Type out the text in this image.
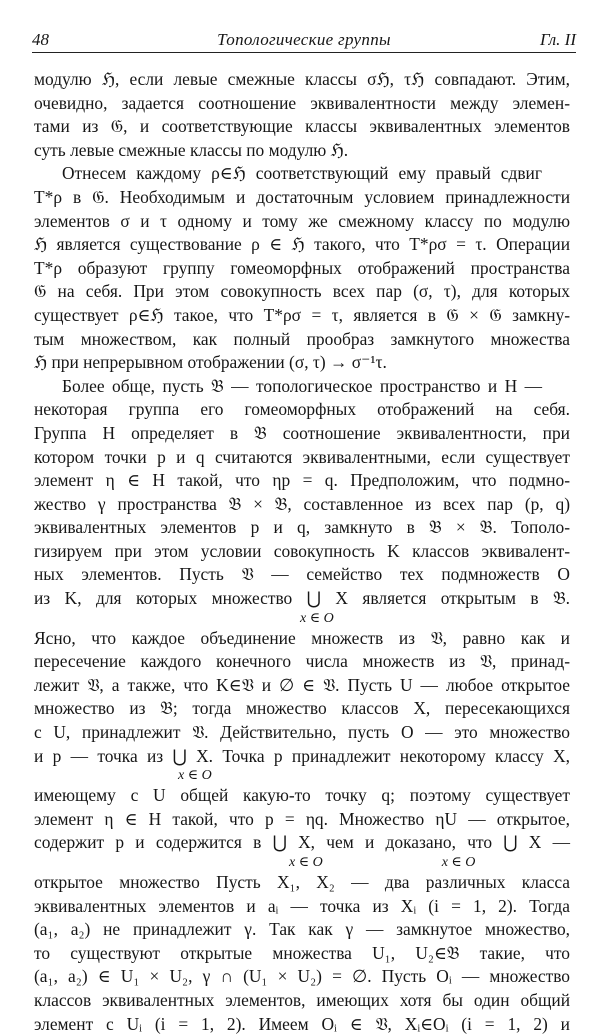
48	Топологические группы	Гл. II
модулю ℌ, если левые смежные классы σℌ, τℌ совпадают. Этим,
очевидно, задается соотношение эквивалентности между элемен-
тами из 𝔊, и соответствующие классы эквивалентных элементов
суть левые смежные классы по модулю ℌ.
Отнесем каждому ρ∈ℌ соответствующий ему правый сдвиг
T*ρ в 𝔊. Необходимым и достаточным условием принадлежности
элементов σ и τ одному и тому же смежному классу по модулю
ℌ является существование ρ ∈ ℌ такого, что T*ρσ = τ. Операции
T*ρ образуют группу гомеоморфных отображений пространства
𝔊 на себя. При этом совокупность всех пар (σ, τ), для которых
существует ρ∈ℌ такое, что T*ρσ = τ, является в 𝔊 × 𝔊 замкну-
тым множеством, как полный прообраз замкнутого множества
ℌ при непрерывном отображении (σ, τ) → σ⁻¹τ.
Более обще, пусть 𝔅 — топологическое пространство и H —
некоторая группа его гомеоморфных отображений на себя.
Группа H определяет в 𝔅 соотношение эквивалентности, при
котором точки p и q считаются эквивалентными, если существует
элемент η ∈ H такой, что ηp = q. Предположим, что подмно-
жество γ пространства 𝔅 × 𝔅, составленное из всех пар (p, q)
эквивалентных элементов p и q, замкнуто в 𝔅 × 𝔅. Тополо-
гизируем при этом условии совокупность K классов эквивалент-
ных элементов. Пусть 𝔙 — семейство тех подмножеств O
из K, для которых множество ⋃ X является открытым в 𝔅.
x ∈ O
Ясно, что каждое объединение множеств из 𝔙, равно как и
пересечение каждого конечного числа множеств из 𝔙, принад-
лежит 𝔙, а также, что K∈𝔙 и ∅ ∈ 𝔙. Пусть U — любое открытое
множество из 𝔅; тогда множество классов X, пересекающихся
с U, принадлежит 𝔙. Действительно, пусть O — это множество
и p — точка из ⋃ X. Точка p принадлежит некоторому классу X,
x ∈ O
имеющему с U общей какую-то точку q; поэтому существует
элемент η ∈ H такой, что p = ηq. Множество ηU — открытое,
содержит p и содержится в ⋃ X, чем и доказано, что ⋃ X —
x ∈ O                                  x ∈ O
открытое множество Пусть X₁, X₂ — два различных класса
эквивалентных элементов и aᵢ — точка из Xᵢ (i = 1, 2). Тогда
(a₁, a₂) не принадлежит γ. Так как γ — замкнутое множество,
то существуют открытые множества U₁, U₂∈𝔅 такие, что
(a₁, a₂) ∈ U₁ × U₂, γ ∩ (U₁ × U₂) = ∅. Пусть Oᵢ — множество
классов эквивалентных элементов, имеющих хотя бы один общий
элемент с Uᵢ (i = 1, 2). Имеем Oᵢ ∈ 𝔙, Xᵢ∈Oᵢ (i = 1, 2) и
